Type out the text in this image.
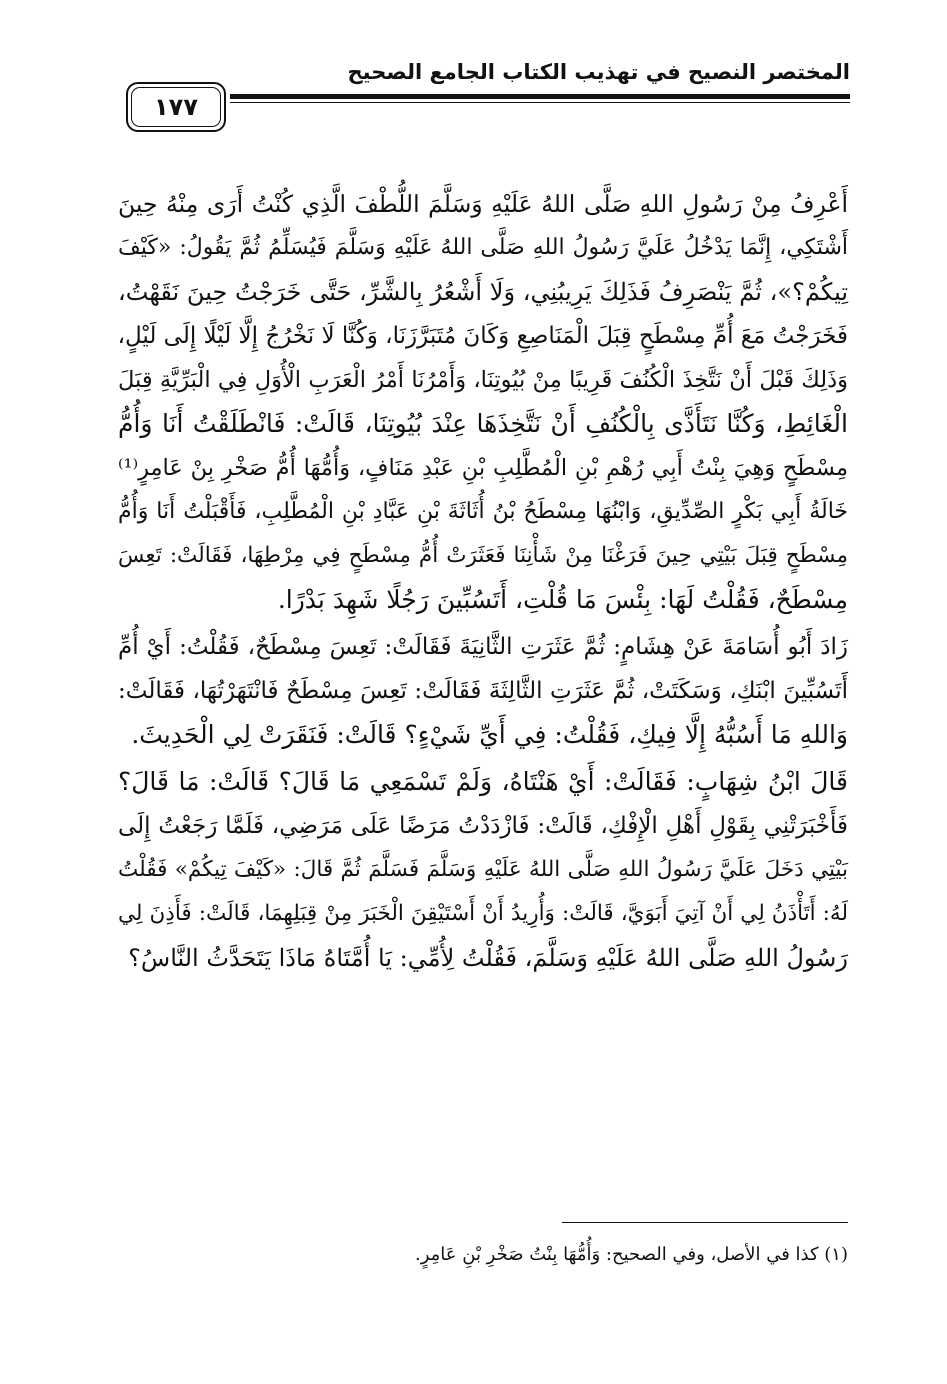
المختصر النصيح في تهذيب الكتاب الجامع الصحيح
١٧٧
أَعْرِفُ مِنْ رَسُولِ اللهِ صَلَّى اللهُ عَلَيْهِ وَسَلَّمَ اللُّطْفَ الَّذِي كُنْتُ أَرَى مِنْهُ حِينَ
أَشْتَكِي، إِنَّمَا يَدْخُلُ عَلَيَّ رَسُولُ اللهِ صَلَّى اللهُ عَلَيْهِ وَسَلَّمَ فَيُسَلِّمُ ثُمَّ يَقُولُ: «كَيْفَ
تِيكُمْ؟»، ثُمَّ يَنْصَرِفُ فَذَلِكَ يَرِيبُنِي، وَلَا أَشْعُرُ بِالشَّرِّ، حَتَّى خَرَجْتُ حِينَ نَقَهْتُ،
فَخَرَجْتُ مَعَ أُمِّ مِسْطَحٍ قِبَلَ الْمَنَاصِعِ وَكَانَ مُتَبَرَّزَنَا، وَكُنَّا لَا نَخْرُجُ إِلَّا لَيْلًا إِلَى لَيْلٍ،
وَذَلِكَ قَبْلَ أَنْ نَتَّخِذَ الْكُنُفَ قَرِيبًا مِنْ بُيُوتِنَا، وَأَمْرُنَا أَمْرُ الْعَرَبِ الْأُوَلِ فِي الْبَرِّيَّةِ قِبَلَ
الْغَائِطِ، وَكُنَّا نَتَأَذَّى بِالْكُنُفِ أَنْ نَتَّخِذَهَا عِنْدَ بُيُوتِنَا، قَالَتْ: فَانْطَلَقْتُ أَنَا وَأُمُّ
مِسْطَحٍ وَهِيَ بِنْتُ أَبِي رُهْمِ بْنِ الْمُطَّلِبِ بْنِ عَبْدِ مَنَافٍ، وَأُمُّهَا أُمُّ صَخْرِ بِنْ عَامِرٍ⁽¹⁾
خَالَةُ أَبِي بَكْرٍ الصِّدِّيقِ، وَابْنُهَا مِسْطَحُ بْنُ أُثَاثَةَ بْنِ عَبَّادِ بْنِ الْمُطَّلِبِ، فَأَقْبَلْتُ أَنَا وَأُمُّ
مِسْطَحٍ قِبَلَ بَيْتِي حِينَ فَرَغْنَا مِنْ شَأْنِنَا فَعَثَرَتْ أُمُّ مِسْطَحٍ فِي مِرْطِهَا، فَقَالَتْ: تَعِسَ
مِسْطَحٌ، فَقُلْتُ لَهَا: بِئْسَ مَا قُلْتِ، أَتَسُبِّينَ رَجُلًا شَهِدَ بَدْرًا.
زَادَ أَبُو أُسَامَةَ عَنْ هِشَامٍ: ثُمَّ عَثَرَتِ الثَّانِيَةَ فَقَالَتْ: تَعِسَ مِسْطَحٌ، فَقُلْتُ: أَيْ أُمِّ
أَتَسُبِّينَ ابْنَكِ، وَسَكَتَتْ، ثُمَّ عَثَرَتِ الثَّالِثَةَ فَقَالَتْ: تَعِسَ مِسْطَحٌ فَانْتَهَرْتُهَا، فَقَالَتْ:
وَاللهِ مَا أَسُبُّهُ إِلَّا فِيكِ، فَقُلْتُ: فِي أَيِّ شَيْءٍ؟ قَالَتْ: فَنَقَرَتْ لِي الْحَدِيثَ.
قَالَ ابْنُ شِهَابٍ: فَقَالَتْ: أَيْ هَنْتَاهُ، وَلَمْ تَسْمَعِي مَا قَالَ؟ قَالَتْ: مَا قَالَ؟
فَأَخْبَرَتْنِي بِقَوْلِ أَهْلِ الْإِفْكِ، قَالَتْ: فَازْدَدْتُ مَرَضًا عَلَى مَرَضِي، فَلَمَّا رَجَعْتُ إِلَى
بَيْتِي دَخَلَ عَلَيَّ رَسُولُ اللهِ صَلَّى اللهُ عَلَيْهِ وَسَلَّمَ فَسَلَّمَ ثُمَّ قَالَ: «كَيْفَ تِيكُمْ» فَقُلْتُ
لَهُ: أَتَأْذَنُ لِي أَنْ آتِيَ أَبَوَيَّ، قَالَتْ: وَأُرِيدُ أَنْ أَسْتَيْقِنَ الْخَبَرَ مِنْ قِبَلِهِمَا، قَالَتْ: فَأَذِنَ لِي
رَسُولُ اللهِ صَلَّى اللهُ عَلَيْهِ وَسَلَّمَ، فَقُلْتُ لِأُمِّي: يَا أُمَّتَاهُ مَاذَا يَتَحَدَّثُ النَّاسُ؟
(١) كذا في الأصل، وفي الصحيح: وَأُمُّهَا بِنْتُ صَخْرِ بْنِ عَامِرٍ.
